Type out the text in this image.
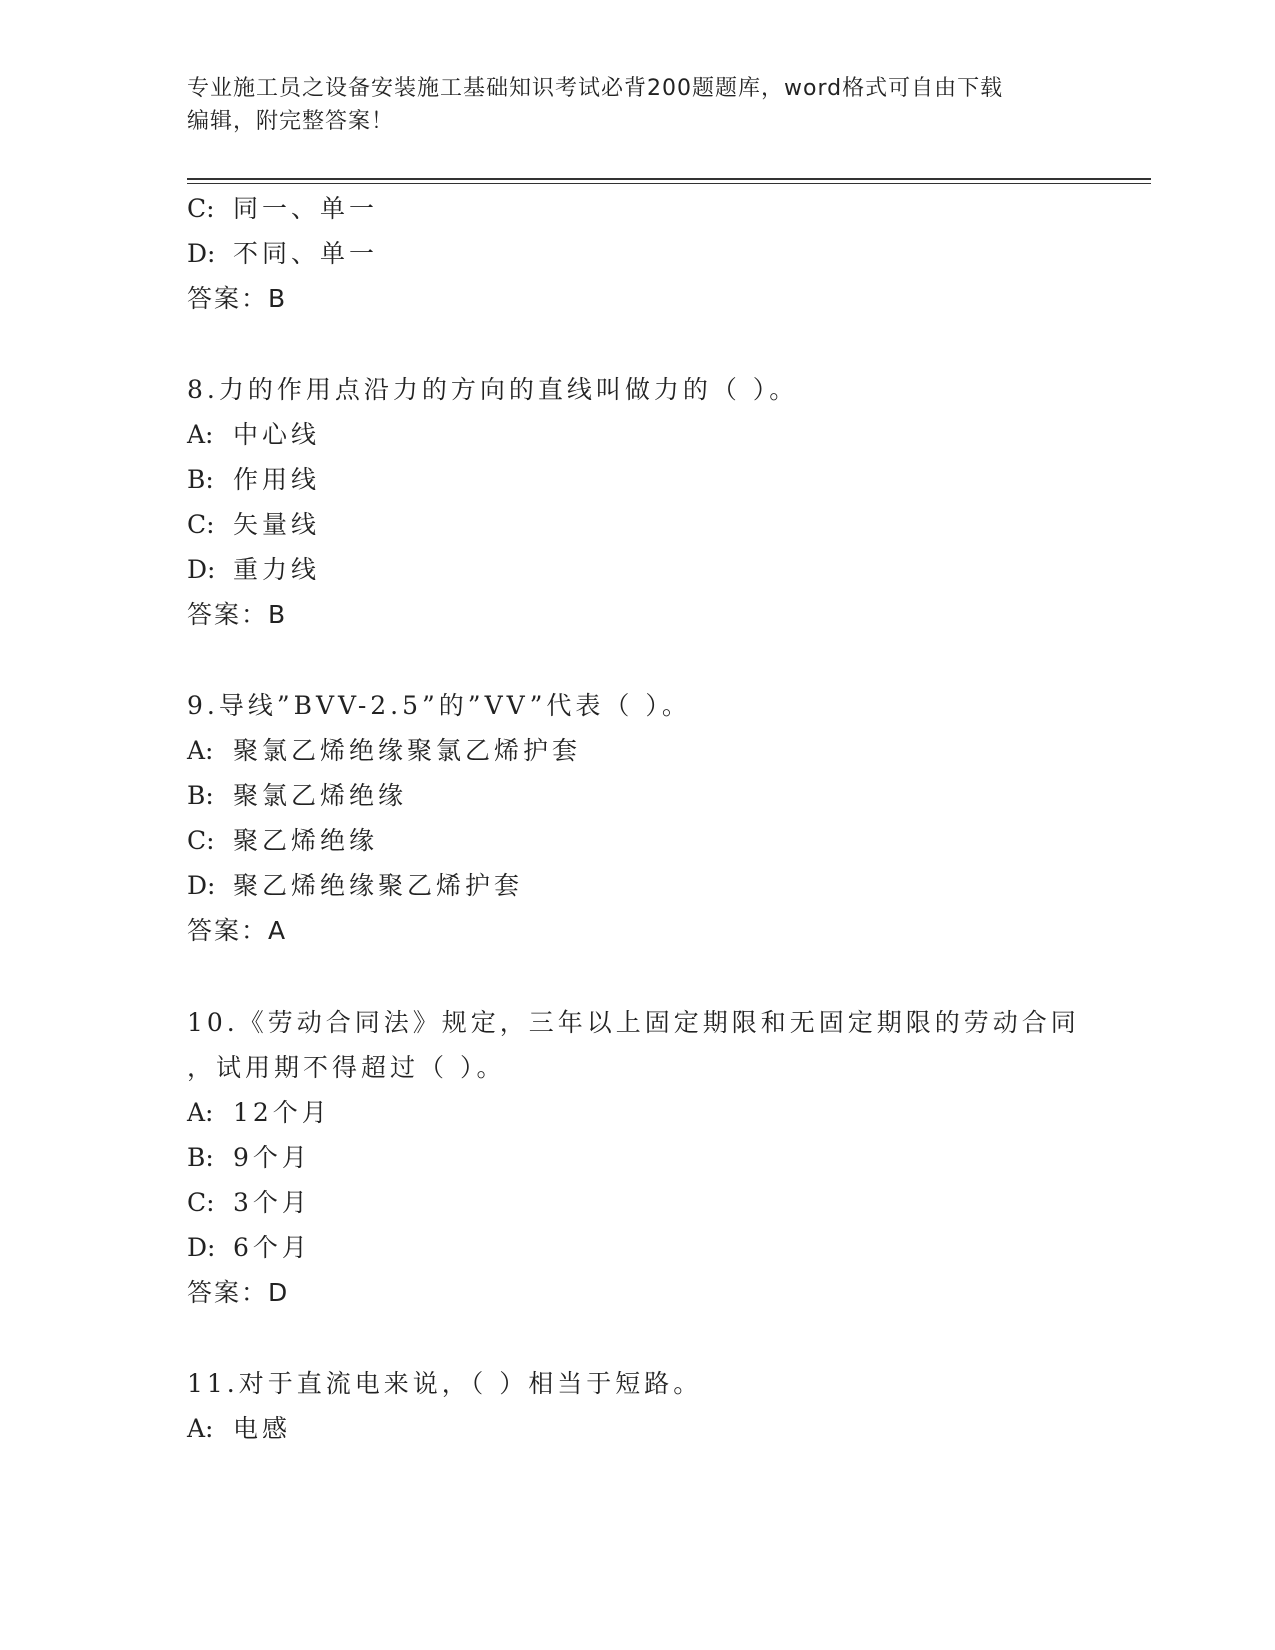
专业施工员之设备安装施工基础知识考试必背200题题库，word格式可自由下载
编辑，附完整答案！
C: 同一、单一
D: 不同、单一
答案：B
8.力的作用点沿力的方向的直线叫做力的（ ）。
A: 中心线
B: 作用线
C: 矢量线
D: 重力线
答案：B
9.导线”BVV-2.5”的”VV”代表（ ）。
A: 聚氯乙烯绝缘聚氯乙烯护套
B: 聚氯乙烯绝缘
C: 聚乙烯绝缘
D: 聚乙烯绝缘聚乙烯护套
答案：A
10.《劳动合同法》规定，三年以上固定期限和无固定期限的劳动合同
，试用期不得超过（ ）。
A: 12个月
B: 9个月
C: 3个月
D: 6个月
答案：D
11.对于直流电来说，（ ）相当于短路。
A: 电感
